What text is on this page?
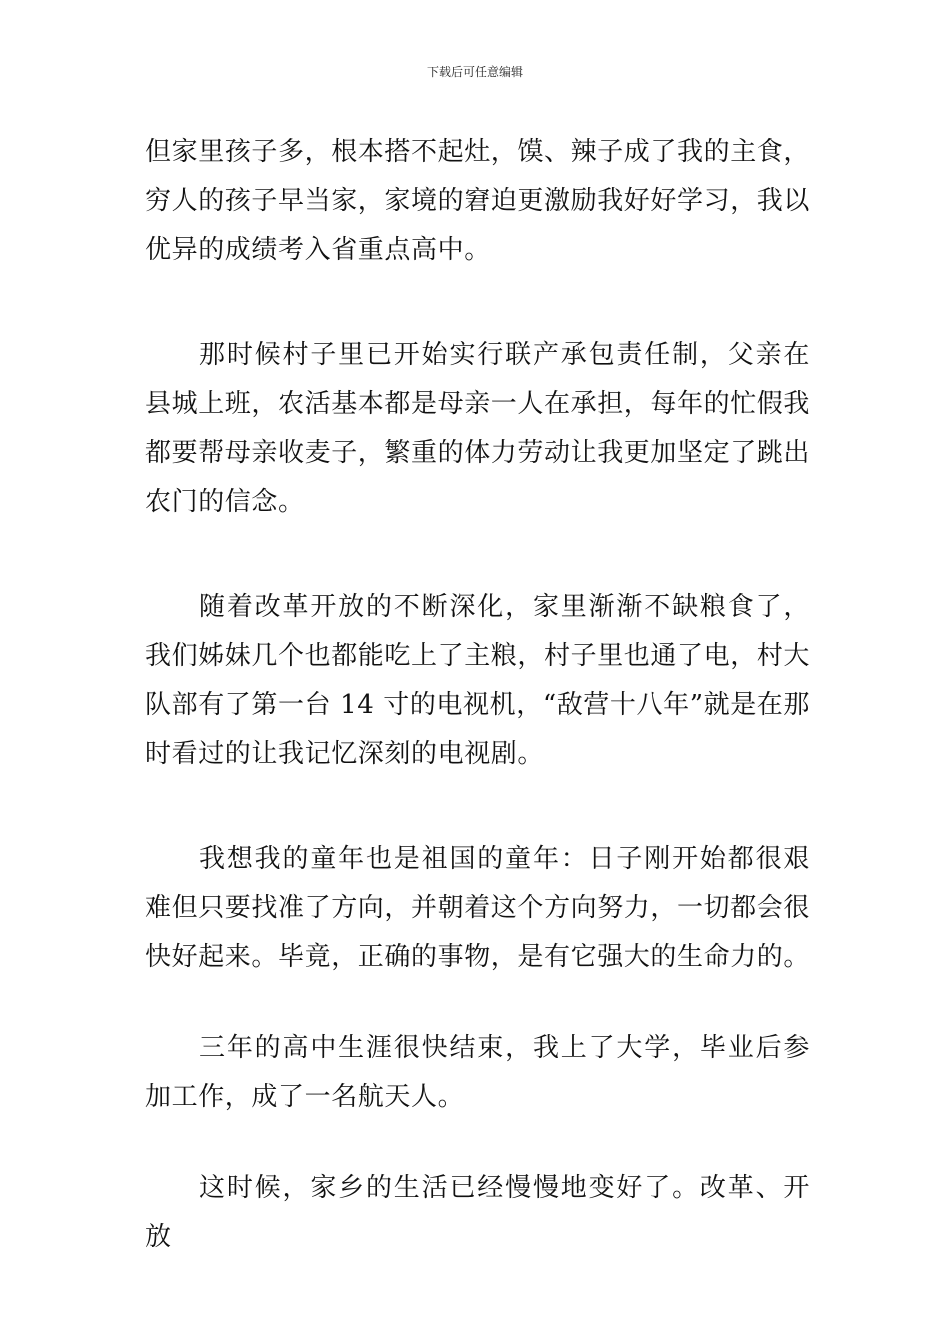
下载后可任意编辑

但家里孩子多，根本搭不起灶，馍、辣子成了我的主食，穷人的孩子早当家，家境的窘迫更激励我好好学习，我以优异的成绩考入省重点高中。

那时候村子里已开始实行联产承包责任制，父亲在县城上班，农活基本都是母亲一人在承担，每年的忙假我都要帮母亲收麦子，繁重的体力劳动让我更加坚定了跳出农门的信念。

随着改革开放的不断深化，家里渐渐不缺粮食了，我们姊妹几个也都能吃上了主粮，村子里也通了电，村大队部有了第一台 14 寸的电视机，“敌营十八年”就是在那时看过的让我记忆深刻的电视剧。

我想我的童年也是祖国的童年：日子刚开始都很艰难但只要找准了方向，并朝着这个方向努力，一切都会很快好起来。毕竟，正确的事物，是有它强大的生命力的。

三年的高中生涯很快结束，我上了大学，毕业后参加工作，成了一名航天人。

这时候，家乡的生活已经慢慢地变好了。改革、开放
